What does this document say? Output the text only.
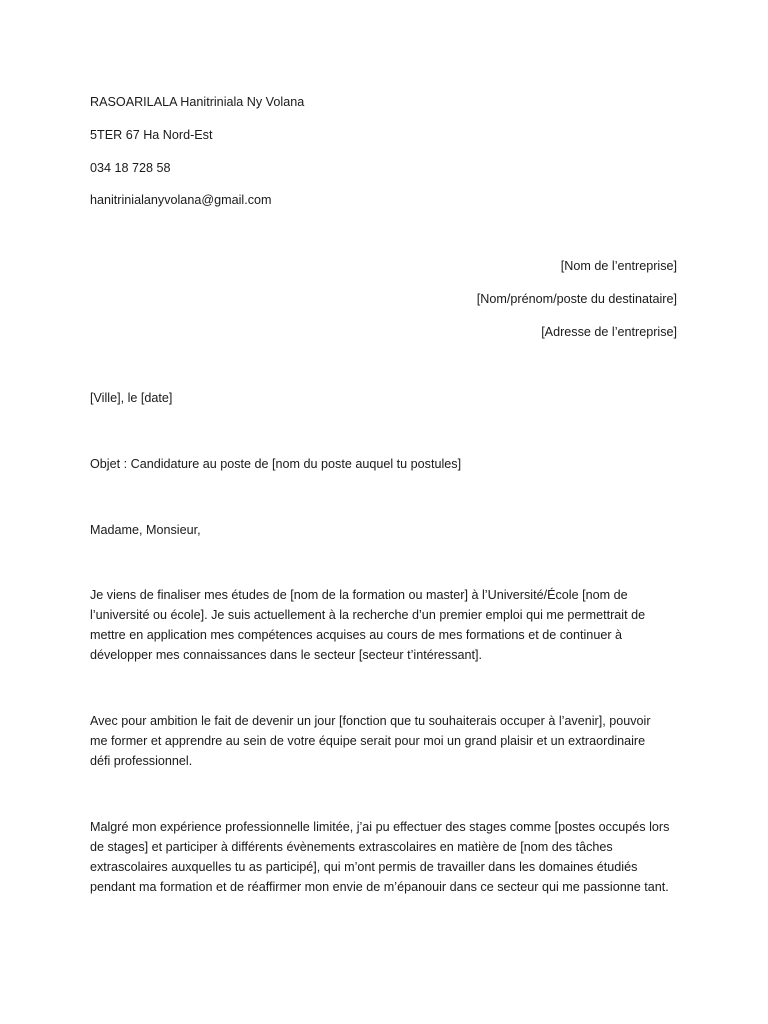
RASOARILALA Hanitriniala Ny Volana

5TER 67 Ha Nord-Est

034 18 728 58

hanitrinialanyvolana@gmail.com

[Nom de l’entreprise]

[Nom/prénom/poste du destinataire]

[Adresse de l’entreprise]

[Ville], le [date]

Objet : Candidature au poste de [nom du poste auquel tu postules]

Madame, Monsieur,

Je viens de finaliser mes études de [nom de la formation ou master] à l’Université/École [nom de
l’université ou école]. Je suis actuellement à la recherche d’un premier emploi qui me permettrait de
mettre en application mes compétences acquises au cours de mes formations et de continuer à
développer mes connaissances dans le secteur [secteur t’intéressant].
Avec pour ambition le fait de devenir un jour [fonction que tu souhaiterais occuper à l’avenir], pouvoir
me former et apprendre au sein de votre équipe serait pour moi un grand plaisir et un extraordinaire
défi professionnel.
Malgré mon expérience professionnelle limitée, j’ai pu effectuer des stages comme [postes occupés lors
de stages] et participer à différents évènements extrascolaires en matière de [nom des tâches
extrascolaires auxquelles tu as participé], qui m’ont permis de travailler dans les domaines étudiés
pendant ma formation et de réaffirmer mon envie de m’épanouir dans ce secteur qui me passionne tant.
